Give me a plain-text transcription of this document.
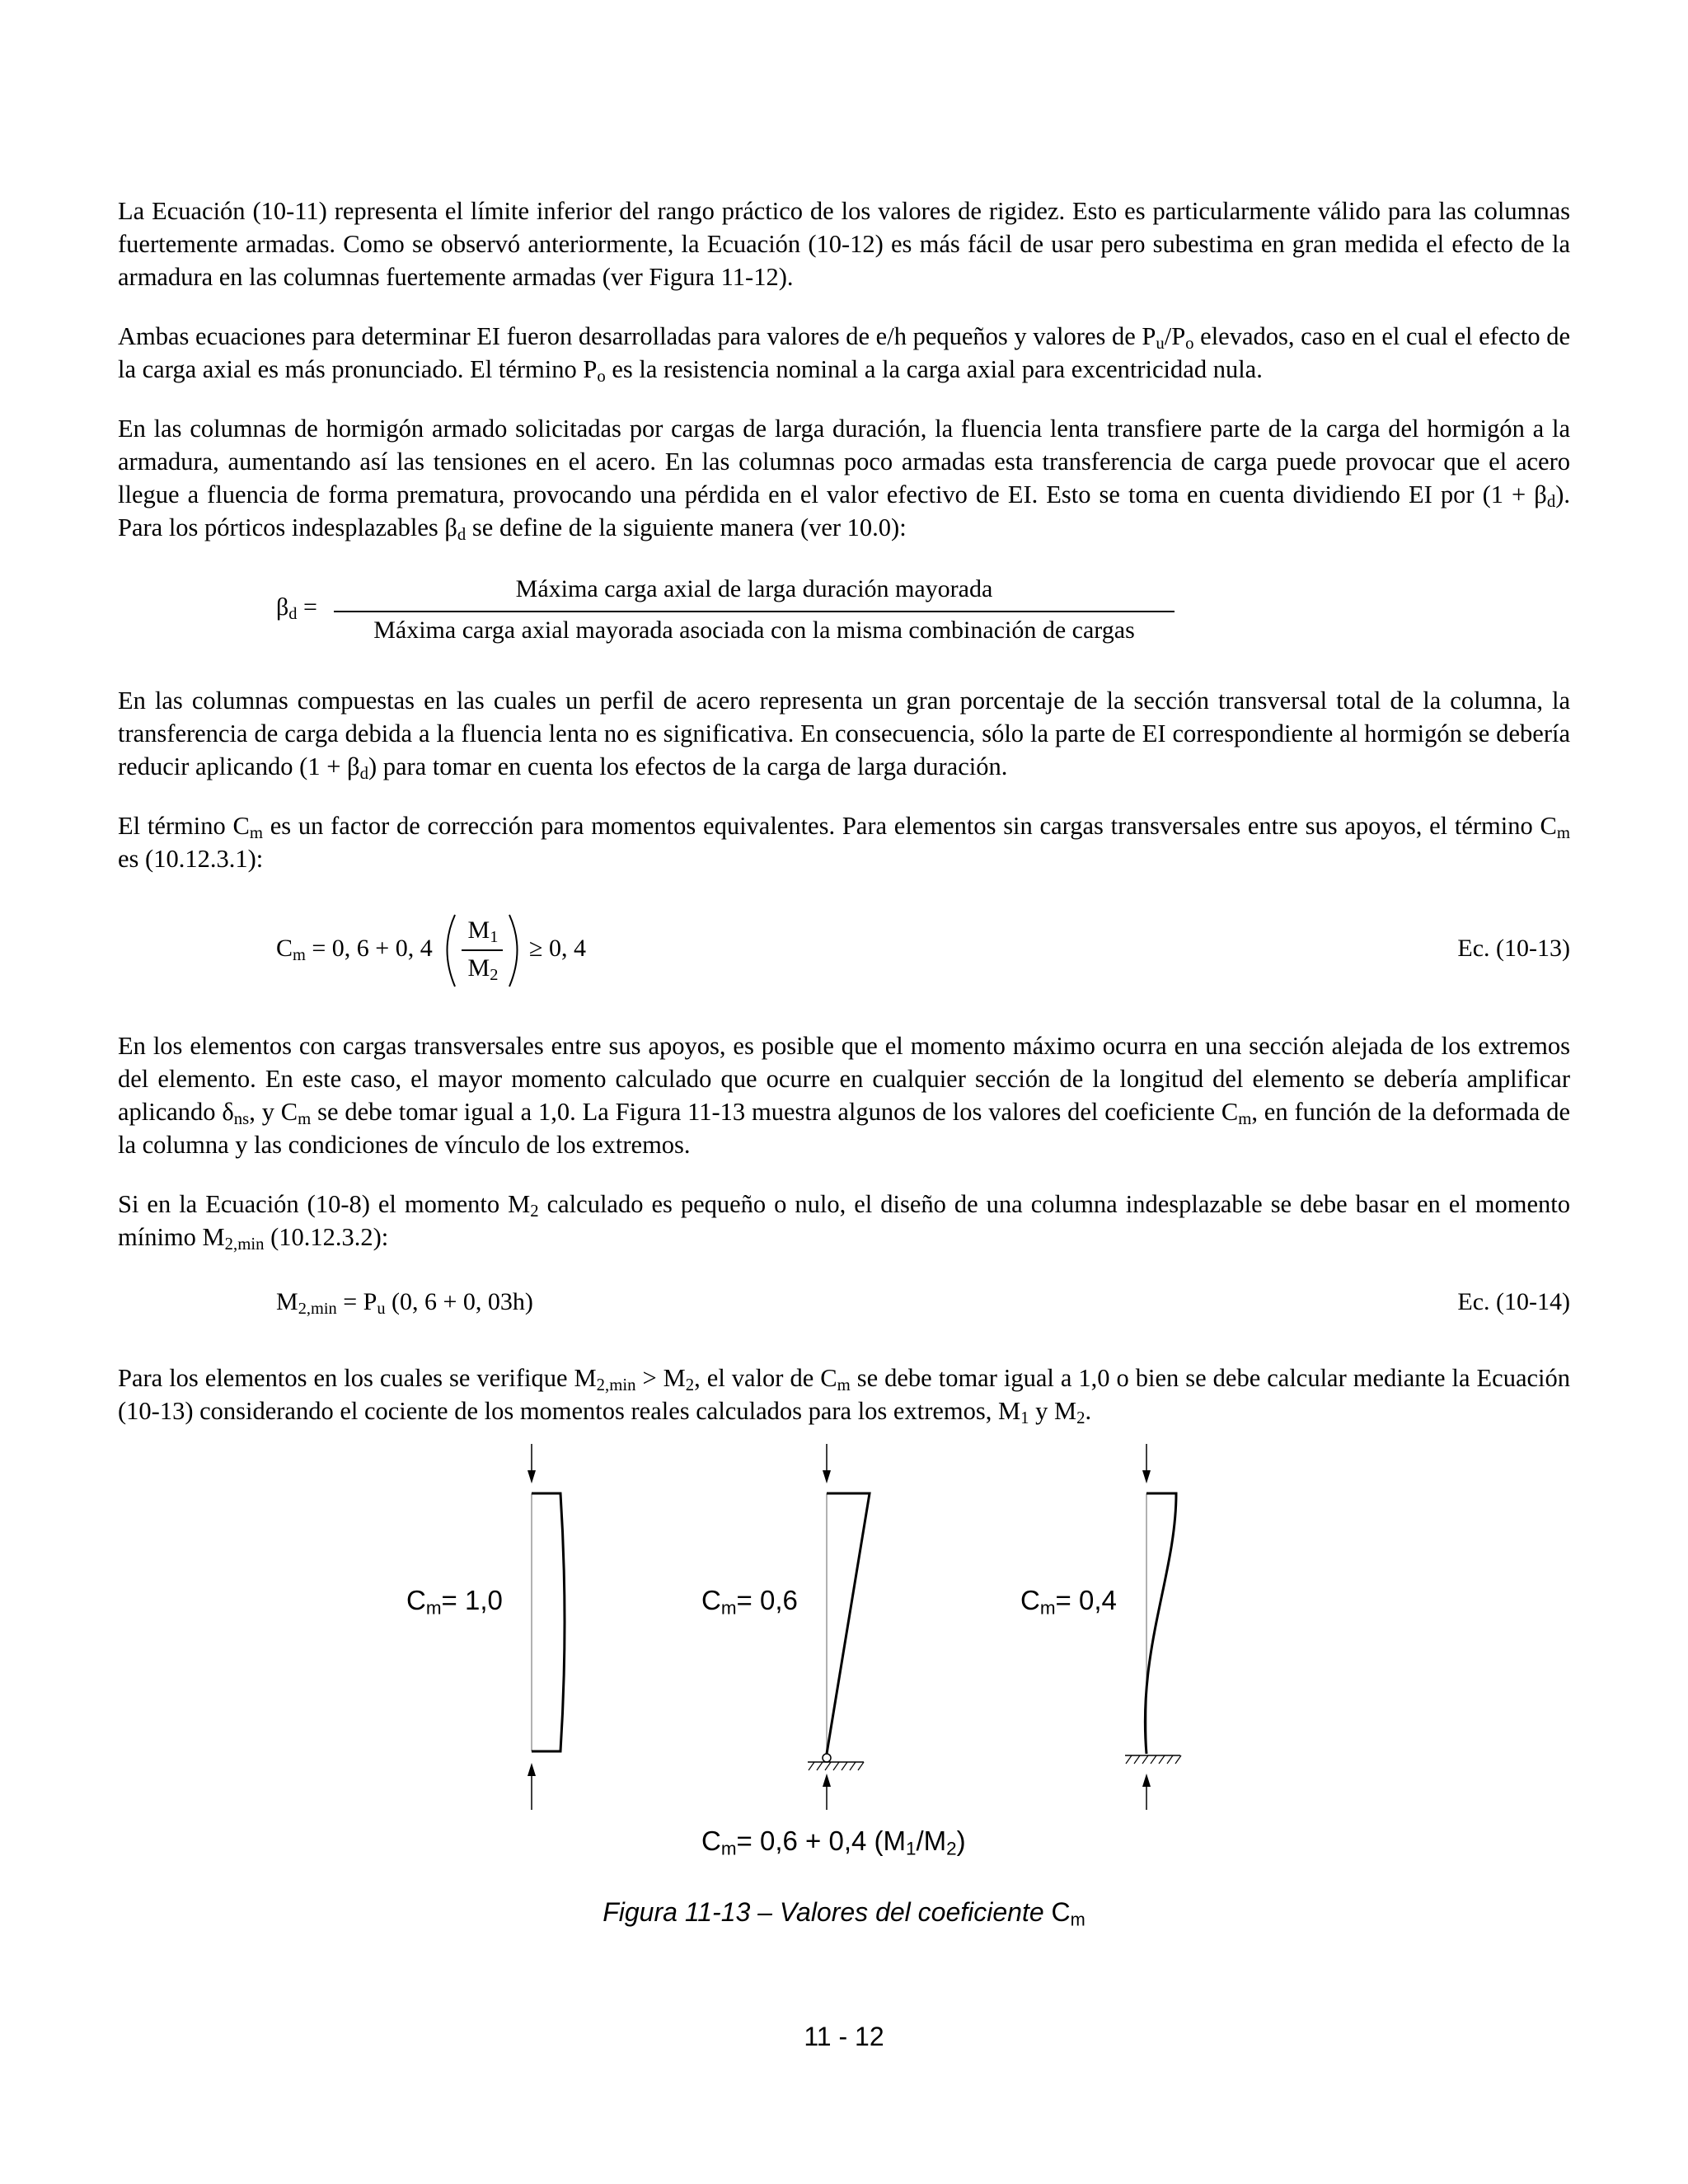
La Ecuación (10-11) representa el límite inferior del rango práctico de los valores de rigidez. Esto es particularmente válido para las columnas fuertemente armadas. Como se observó anteriormente, la Ecuación (10-12) es más fácil de usar pero subestima en gran medida el efecto de la armadura en las columnas fuertemente armadas (ver Figura 11-12).

Ambas ecuaciones para determinar EI fueron desarrolladas para valores de e/h pequeños y valores de $P_u/P_o$ elevados, caso en el cual el efecto de la carga axial es más pronunciado. El término $P_o$ es la resistencia nominal a la carga axial para excentricidad nula.

En las columnas de hormigón armado solicitadas por cargas de larga duración, la fluencia lenta transfiere parte de la carga del hormigón a la armadura, aumentando así las tensiones en el acero. En las columnas poco armadas esta transferencia de carga puede provocar que el acero llegue a fluencia de forma prematura, provocando una pérdida en el valor efectivo de EI. Esto se toma en cuenta dividiendo EI por $(1 + \beta_d)$. Para los pórticos indesplazables $\beta_d$ se define de la siguiente manera (ver 10.0):

$\beta_d$ =
Máxima carga axial de larga duración mayorada
Máxima carga axial mayorada asociada con la misma combinación de cargas

En las columnas compuestas en las cuales un perfil de acero representa un gran porcentaje de la sección transversal total de la columna, la transferencia de carga debida a la fluencia lenta no es significativa. En consecuencia, sólo la parte de EI correspondiente al hormigón se debería reducir aplicando $(1 + \beta_d)$ para tomar en cuenta los efectos de la carga de larga duración.

El término $C_m$ es un factor de corrección para momentos equivalentes. Para elementos sin cargas transversales entre sus apoyos, el término $C_m$ es (10.12.3.1):

$C_m = 0$, 6 + 0, 4
$M_1$
$M_2$
≥ 0, 4	Ec. (10-13)

En los elementos con cargas transversales entre sus apoyos, es posible que el momento máximo ocurra en una sección alejada de los extremos del elemento. En este caso, el mayor momento calculado que ocurre en cualquier sección de la longitud del elemento se debería amplificar aplicando $\delta_{ns}$, y $C_m$ se debe tomar igual a 1,0. La Figura 11-13 muestra algunos de los valores del coeficiente $C_m$, en función de la deformada de la columna y las condiciones de vínculo de los extremos.

Si en la Ecuación (10-8) el momento $M_2$ calculado es pequeño o nulo, el diseño de una columna indesplazable se debe basar en el momento mínimo $M_{2,min}$ (10.12.3.2):

$M_{2,min} = P_u$ (0, 6 + 0, 03h)	Ec. (10-14)

Para los elementos en los cuales se verifique $M_{2,min} > M_2$, el valor de $C_m$ se debe tomar igual a 1,0 o bien se debe calcular mediante la Ecuación (10-13) considerando el cociente de los momentos reales calculados para los extremos, $M_1$ y $M_2$.

$C_m= 1,0$	$C_m= 0,6$	$C_m= 0,4$
$C_m= 0,6 + 0,4$ $(M_1/M_2)$
Figura 11-13 – Valores del coeficiente $C_m$
11 - 12
